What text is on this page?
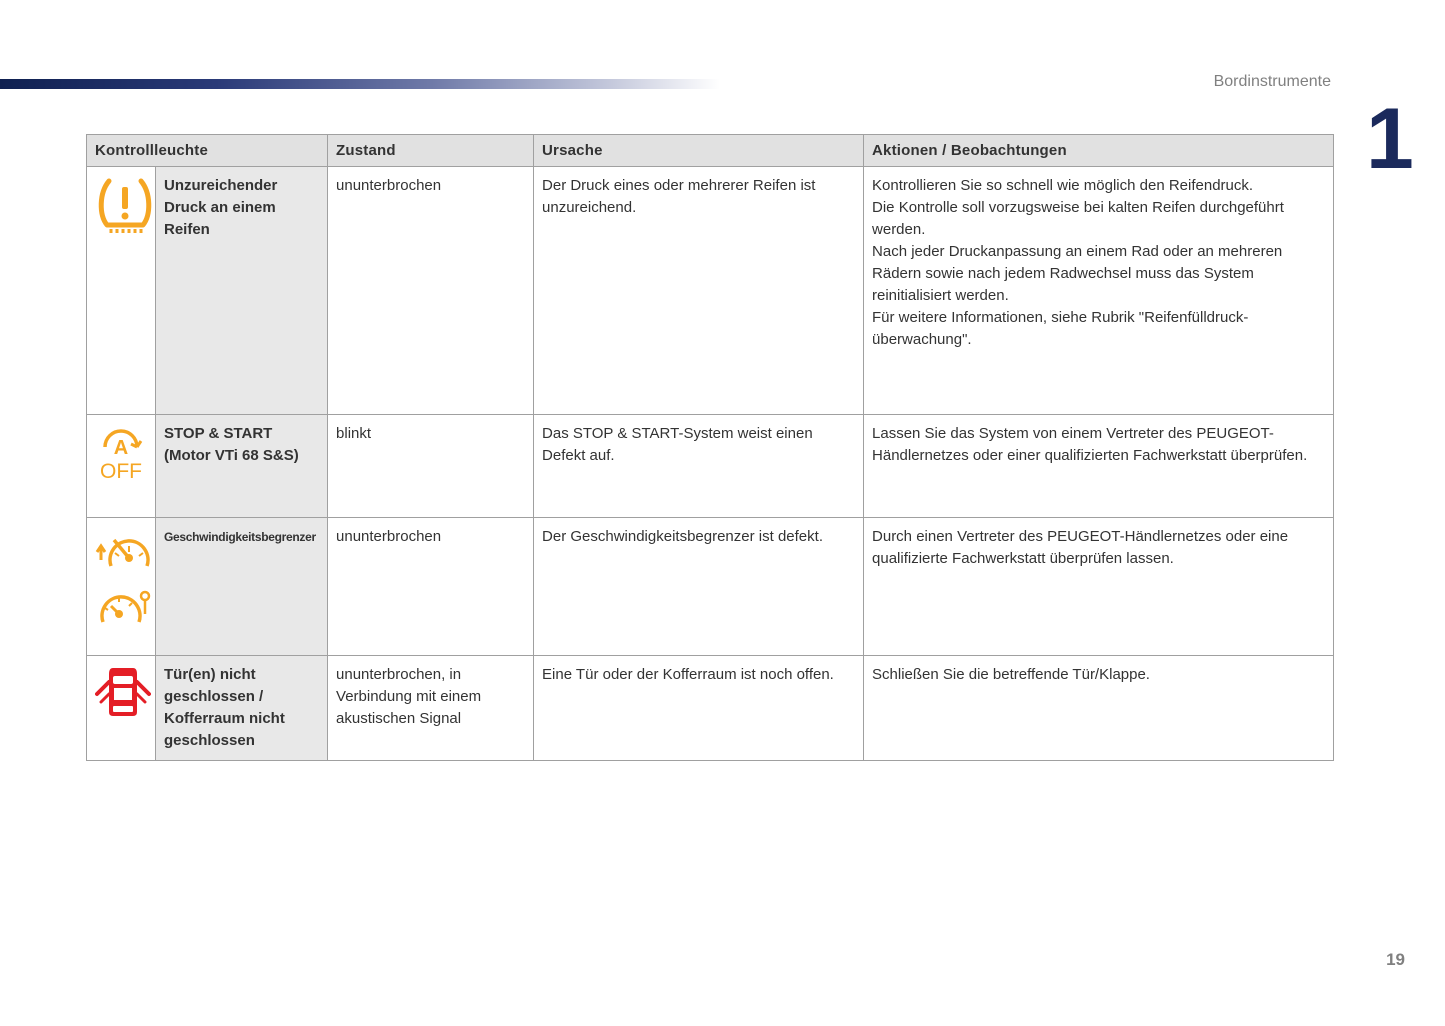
Bordinstrumente
1
Kontrollleuchte		Zustand	Ursache	Aktionen / Beobachtungen
	Unzureichender Druck an einem Reifen	ununterbrochen	Der Druck eines oder mehrerer Reifen ist unzureichend.	Kontrollieren Sie so schnell wie möglich den Reifendruck.
Die Kontrolle soll vorzugsweise bei kalten Reifen durchgeführt werden.
Nach jeder Druckanpassung an einem Rad oder an mehreren Rädern sowie nach jedem Radwechsel muss das System reinitialisiert werden.
Für weitere Informationen, siehe Rubrik "Reifenfülldruck-überwachung".

A
OFF	STOP & START (Motor VTi 68 S&S)	blinkt	Das STOP & START-System weist einen Defekt auf.	Lassen Sie das System von einem Vertreter des PEUGEOT-Händlernetzes oder einer qualifizierten Fachwerkstatt überprüfen.
	Geschwindigkeitsbegrenzer	ununterbrochen	Der Geschwindigkeitsbegrenzer ist defekt.	Durch einen Vertreter des PEUGEOT-Händlernetzes oder eine qualifizierte Fachwerkstatt überprüfen lassen.
	Tür(en) nicht geschlossen / Kofferraum nicht geschlossen	ununterbrochen, in Verbindung mit einem akustischen Signal	Eine Tür oder der Kofferraum ist noch offen.	Schließen Sie die betreffende Tür/Klappe.
19
